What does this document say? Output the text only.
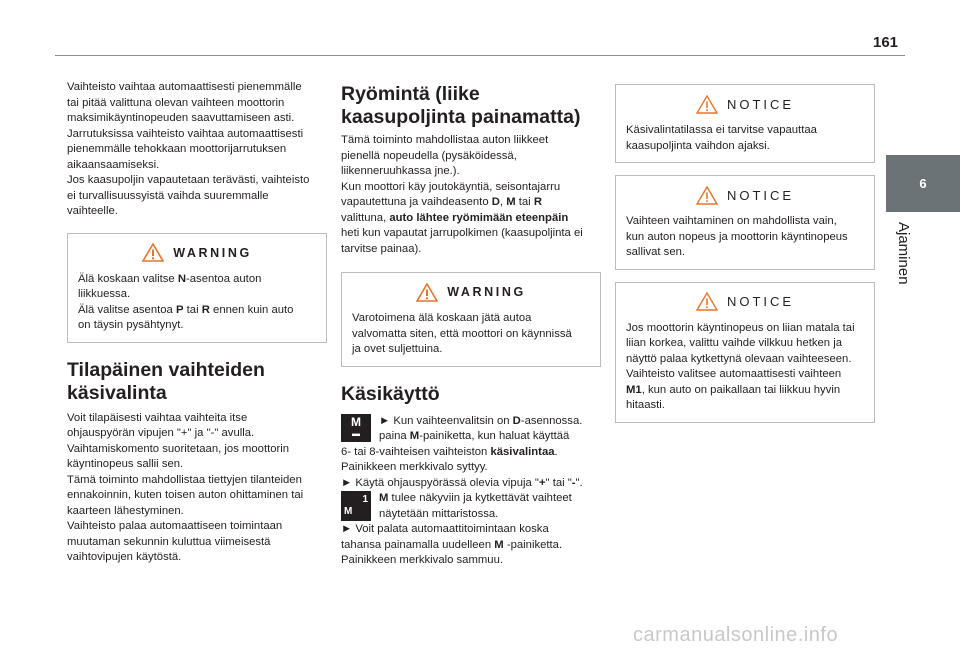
161
6
Ajaminen

Vaihteisto vaihtaa automaattisesti pienemmälle

tai pitää valittuna olevan vaihteen moottorin

maksimikäyntinopeuden saavuttamiseen asti.

Jarrutuksissa vaihteisto vaihtaa automaattisesti

pienemmälle tehokkaan moottorijarrutuksen

aikaansaamiseksi.

Jos kaasupoljin vapautetaan terävästi, vaihteisto

ei turvallisuussyistä vaihda suuremmalle

vaihteelle.

WARNING

Älä koskaan valitse N-asentoa auton

liikkuessa.

Älä valitse asentoa P tai R ennen kuin auto

on täysin pysähtynyt.

Tilapäinen vaihteiden
käsivalinta

Voit tilapäisesti vaihtaa vaihteita itse

ohjauspyörän vipujen "+" ja "-" avulla.

Vaihtamiskomento suoritetaan, jos moottorin

käyntinopeus sallii sen.

Tämä toiminto mahdollistaa tiettyjen tilanteiden

ennakoinnin, kuten toisen auton ohittaminen tai

kaarteen lähestyminen.

Vaihteisto palaa automaattiseen toimintaan

muutaman sekunnin kuluttua viimeisestä

vaihtovipujen käytöstä.

Ryömintä (liike
kaasupoljinta painamatta)

Tämä toiminto mahdollistaa auton liikkeet

pienellä nopeudella (pysäköidessä,

liikenneruuhkassa jne.).

Kun moottori käy joutokäyntiä, seisontajarru

vapautettuna ja vaihdeasento D, M tai R

valittuna, auto lähtee ryömimään eteenpäin

heti kun vapautat jarrupolkimen (kaasupoljinta ei

tarvitse painaa).

WARNING

Varotoimena älä koskaan jätä autoa

valvomatta siten, että moottori on käynnissä

ja ovet suljettuina.

Käsikäyttö
M
▬

► Kun vaihteenvalitsin on D-asennossa.

paina M-painiketta, kun haluat käyttää

6- tai 8-vaihteisen vaihteiston käsivalintaa.

Painikkeen merkkivalo syttyy.

► Käytä ohjauspyörässä olevia vipuja "+" tai "-".

1
M

M tulee näkyviin ja kytkettävät vaihteet

näytetään mittaristossa.

► Voit palata automaattitoimintaan koska

tahansa painamalla uudelleen M -painiketta.

Painikkeen merkkivalo sammuu.

NOTICE

Käsivalintatilassa ei tarvitse vapauttaa

kaasupoljinta vaihdon ajaksi.

NOTICE

Vaihteen vaihtaminen on mahdollista vain,

kun auton nopeus ja moottorin käyntinopeus

sallivat sen.

NOTICE

Jos moottorin käyntinopeus on liian matala tai

liian korkea, valittu vaihde vilkkuu hetken ja

näyttö palaa kytkettynä olevaan vaihteeseen.

Vaihteisto valitsee automaattisesti vaihteen

M1, kun auto on paikallaan tai liikkuu hyvin

hitaasti.

carmanualsonline.info
